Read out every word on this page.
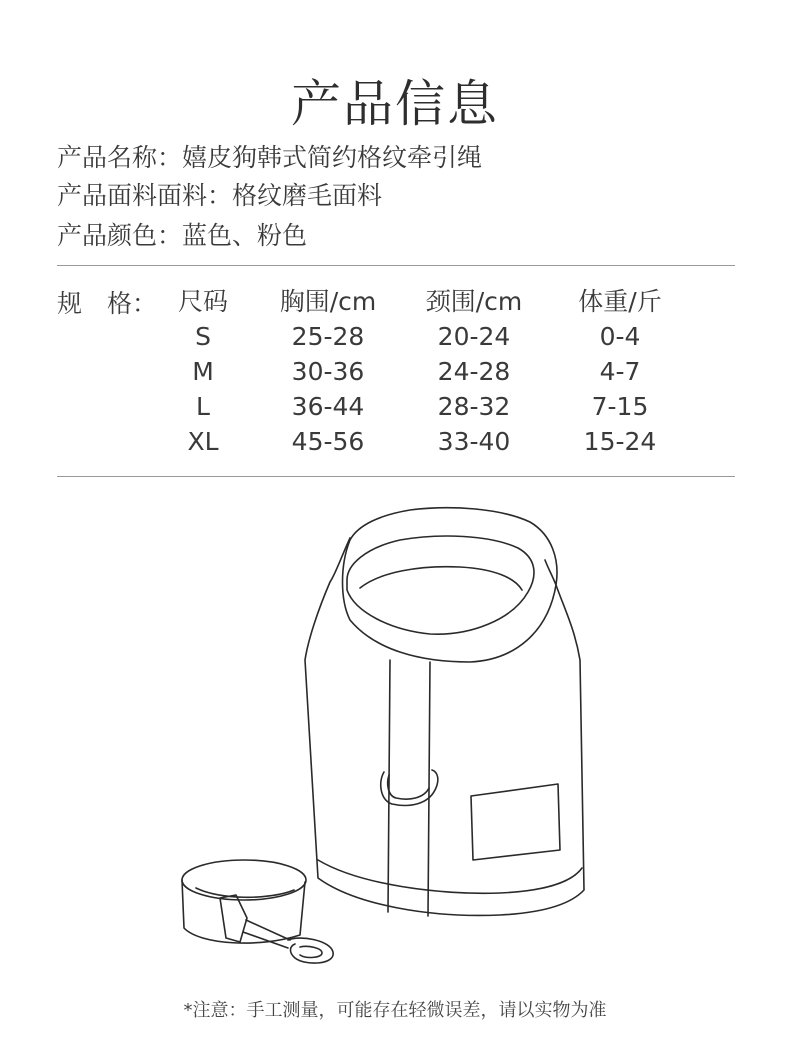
产品信息
产品名称：嬉皮狗韩式简约格纹牵引绳
产品面料面料：格纹磨毛面料
产品颜色：蓝色、粉色
规　格： 尺码
S
M
L
XL
胸围/cm
25-28
30-36
36-44
45-56
颈围/cm
20-24
24-28
28-32
33-40
体重/斤
0-4
4-7
7-15
15-24
*注意：手工测量，可能存在轻微误差，请以实物为准
